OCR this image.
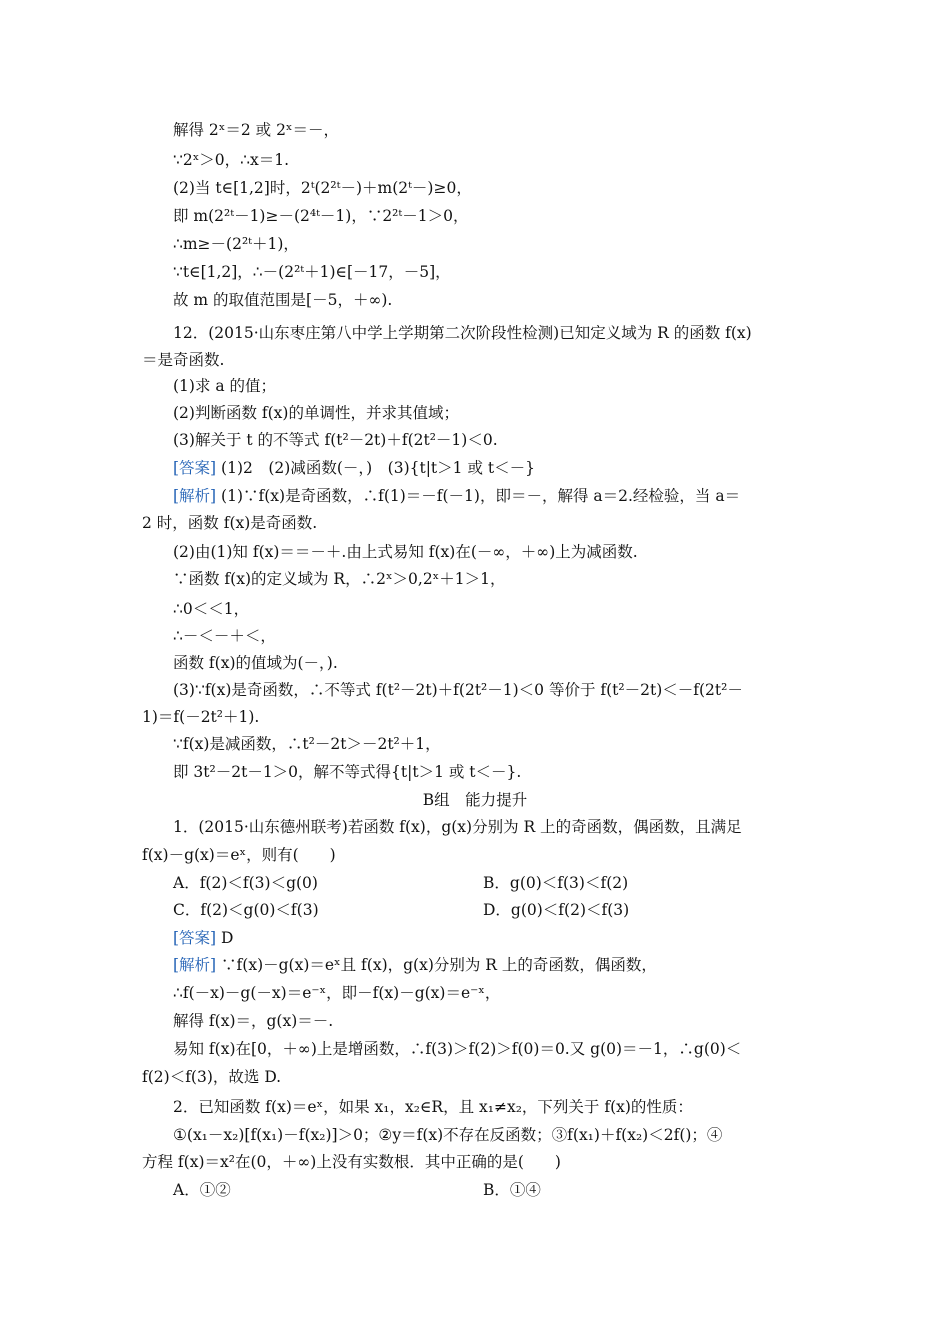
解得 2ˣ＝2 或 2ˣ＝－，
∵2ˣ＞0，∴x＝1.
(2)当 t∈[1,2]时，2ᵗ(2²ᵗ－)＋m(2ᵗ－)≥0，
即 m(2²ᵗ－1)≥－(2⁴ᵗ－1)，∵2²ᵗ－1＞0，
∴m≥－(2²ᵗ＋1)，
∵t∈[1,2]，∴－(2²ᵗ＋1)∈[－17，－5]，
故 m 的取值范围是[－5，＋∞).
12．(2015·山东枣庄第八中学上学期第二次阶段性检测)已知定义域为 R 的函数 f(x)
＝是奇函数.
(1)求 a 的值；
(2)判断函数 f(x)的单调性，并求其值域；
(3)解关于 t 的不等式 f(t²－2t)＋f(2t²－1)＜0.
[答案] (1)2　(2)减函数(－，)　(3){t|t＞1 或 t＜－}
[解析] (1)∵f(x)是奇函数，∴f(1)＝－f(－1)，即＝－，解得 a＝2.经检验，当 a＝
2 时，函数 f(x)是奇函数.
(2)由(1)知 f(x)＝＝－＋.由上式易知 f(x)在(－∞，＋∞)上为减函数.
∵函数 f(x)的定义域为 R，∴2ˣ＞0,2ˣ＋1＞1，
∴0＜＜1，
∴－＜－＋＜，
函数 f(x)的值域为(－，).
(3)∵f(x)是奇函数，∴不等式 f(t²－2t)＋f(2t²－1)＜0 等价于 f(t²－2t)＜－f(2t²－
1)＝f(－2t²＋1).
∵f(x)是减函数，∴t²－2t＞－2t²＋1，
即 3t²－2t－1＞0，解不等式得{t|t＞1 或 t＜－}.
B组　能力提升
1．(2015·山东德州联考)若函数 f(x)，g(x)分别为 R 上的奇函数，偶函数，且满足
f(x)－g(x)＝eˣ，则有(　　)
A．f(2)＜f(3)＜g(0)	B．g(0)＜f(3)＜f(2)
C．f(2)＜g(0)＜f(3)	D．g(0)＜f(2)＜f(3)
[答案] D
[解析] ∵f(x)－g(x)＝eˣ且 f(x)，g(x)分别为 R 上的奇函数，偶函数，
∴f(－x)－g(－x)＝e⁻ˣ，即－f(x)－g(x)＝e⁻ˣ，
解得 f(x)＝，g(x)＝－.
易知 f(x)在[0，＋∞)上是增函数，∴f(3)＞f(2)＞f(0)＝0.又 g(0)＝－1，∴g(0)＜
f(2)＜f(3)，故选 D.
2．已知函数 f(x)＝eˣ，如果 x₁，x₂∈R，且 x₁≠x₂，下列关于 f(x)的性质：
①(x₁－x₂)[f(x₁)－f(x₂)]＞0；②y＝f(x)不存在反函数；③f(x₁)＋f(x₂)＜2f()；④
方程 f(x)＝x²在(0，＋∞)上没有实数根．其中正确的是(　　)
A．①②	B．①④
